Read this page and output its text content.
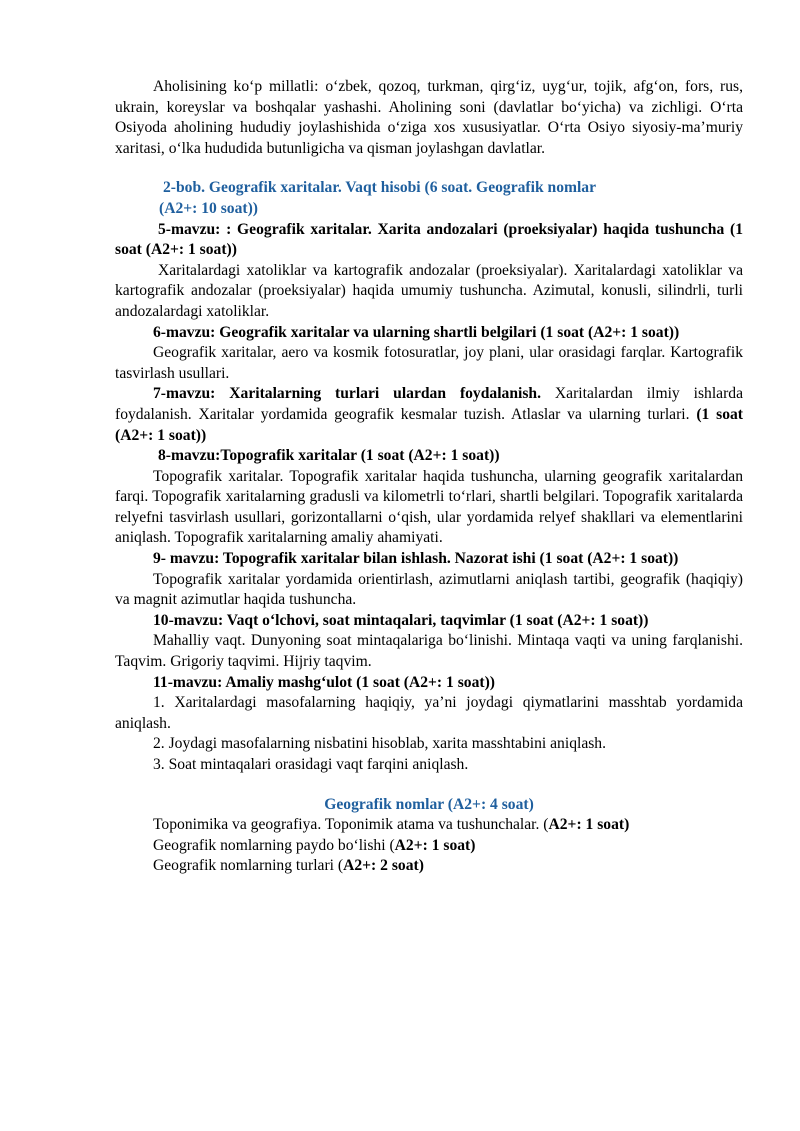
Aholisining koʻp millatli: oʻzbek, qozoq, turkman, qirgʻiz, uygʻur, tojik, afgʻon, fors, rus, ukrain, koreyslar va boshqalar yashashi. Aholining soni (davlatlar boʻyicha) va zichligi. Oʻrta Osiyoda aholining hududiy joylashishida oʻziga xos xususiyatlar. Oʻrta Osiyo siyosiy-maʼmuriy xaritasi, oʻlka hududida butunligicha va qisman joylashgan davlatlar.

2-bob. Geografik xaritalar. Vaqt hisobi (6 soat. Geografik nomlar
(A2+: 10 soat))

5-mavzu: : Geografik xaritalar. Xarita andozalari (proeksiyalar) haqida tushuncha (1 soat (A2+: 1 soat))

Xaritalardagi xatoliklar va kartografik andozalar (proeksiyalar). Xaritalardagi xatoliklar va kartografik andozalar (proeksiyalar) haqida umumiy tushuncha. Azimutal, konusli, silindrli, turli andozalardagi xatoliklar.

6-mavzu: Geografik xaritalar va ularning shartli belgilari (1 soat (A2+: 1 soat))

Geografik xaritalar, aero va kosmik fotosuratlar, joy plani, ular orasidagi farqlar. Kartografik tasvirlash usullari.

7-mavzu: Xaritalarning turlari ulardan foydalanish. Xaritalardan ilmiy ishlarda foydalanish. Xaritalar yordamida geografik kesmalar tuzish. Atlaslar va ularning turlari. (1 soat (A2+: 1 soat))

8-mavzu:Topografik xaritalar (1 soat (A2+: 1 soat))

Topografik xaritalar. Topografik xaritalar haqida tushuncha, ularning geografik xaritalardan farqi. Topografik xaritalarning gradusli va kilometrli toʻrlari, shartli belgilari. Topografik xaritalarda relyefni tasvirlash usullari, gorizontallarni oʻqish, ular yordamida relyef shakllari va elementlarini aniqlash. Topografik xaritalarning amaliy ahamiyati.

9- mavzu: Topografik xaritalar bilan ishlash. Nazorat ishi (1 soat (A2+: 1 soat))

Topografik xaritalar yordamida orientirlash, azimutlarni aniqlash tartibi, geografik (haqiqiy) va magnit azimutlar haqida tushuncha.

10-mavzu: Vaqt oʻlchovi, soat mintaqalari, taqvimlar (1 soat (A2+: 1 soat))

Mahalliy vaqt. Dunyoning soat mintaqalariga boʻlinishi. Mintaqa vaqti va uning farqlanishi. Taqvim. Grigoriy taqvimi. Hijriy taqvim.

11-mavzu: Amaliy mashgʻulot (1 soat (A2+: 1 soat))

1. Xaritalardagi masofalarning haqiqiy, yaʼni joydagi qiymatlarini masshtab yordamida aniqlash.

2. Joydagi masofalarning nisbatini hisoblab, xarita masshtabini aniqlash.

3. Soat mintaqalari orasidagi vaqt farqini aniqlash.

Geografik nomlar (A2+: 4 soat)

Toponimika va geografiya. Toponimik atama va tushunchalar. (A2+: 1 soat)

Geografik nomlarning paydo boʻlishi (A2+: 1 soat)

Geografik nomlarning turlari (A2+: 2 soat)
